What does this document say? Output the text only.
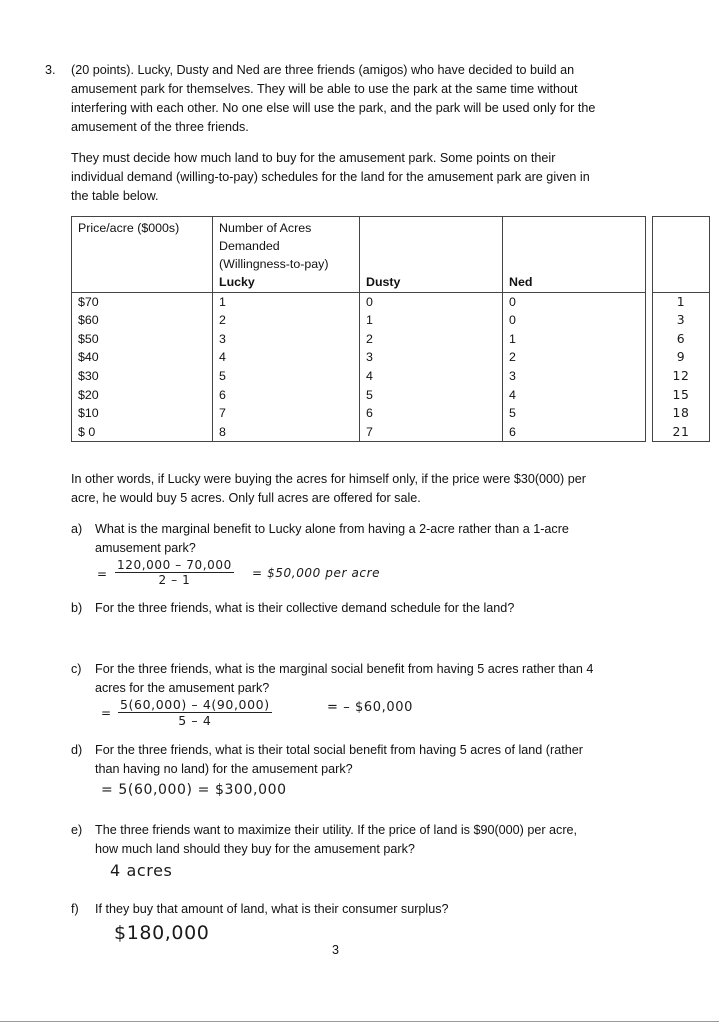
3. (20 points). Lucky, Dusty and Ned are three friends (amigos) who have decided to build an
amusement park for themselves. They will be able to use the park at the same time without
interfering with each other. No one else will use the park, and the park will be used only for the
amusement of the three friends.
They must decide how much land to buy for the amusement park. Some points on their
individual demand (willing-to-pay) schedules for the land for the amusement park are given in
the table below.
Price/acre ($000s)	Number of Acres
Demanded
(Willingness-to-pay)				

	Lucky	Dusty	Ned		
$70	1	0	0		1
$60	2	1	0		3
$50	3	2	1		6
$40	4	3	2		9
$30	5	4	3		12
$20	6	5	4		15
$10	7	6	5		18
$ 0	8	7	6		21
In other words, if Lucky were buying the acres for himself only, if the price were $30(000) per
acre, he would buy 5 acres. Only full acres are offered for sale.
a) What is the marginal benefit to Lucky alone from having a 2-acre rather than a 1-acre
amusement park?
= $\frac{120,000 - 70,000}{2 - 1}$ = $50,000 per acre
b) For the three friends, what is their collective demand schedule for the land?
c) For the three friends, what is the marginal social benefit from having 5 acres rather than 4
acres for the amusement park?
= $\frac{5(60,000) - 4(90,000)}{5 - 4}$	= – $60,000
d) For the three friends, what is their total social benefit from having 5 acres of land (rather
than having no land) for the amusement park?
= 5(60,000) = $300,000
e) The three friends want to maximize their utility. If the price of land is $90(000) per acre,
how much land should they buy for the amusement park?
4 acres
f) If they buy that amount of land, what is their consumer surplus?
$180,000
3
